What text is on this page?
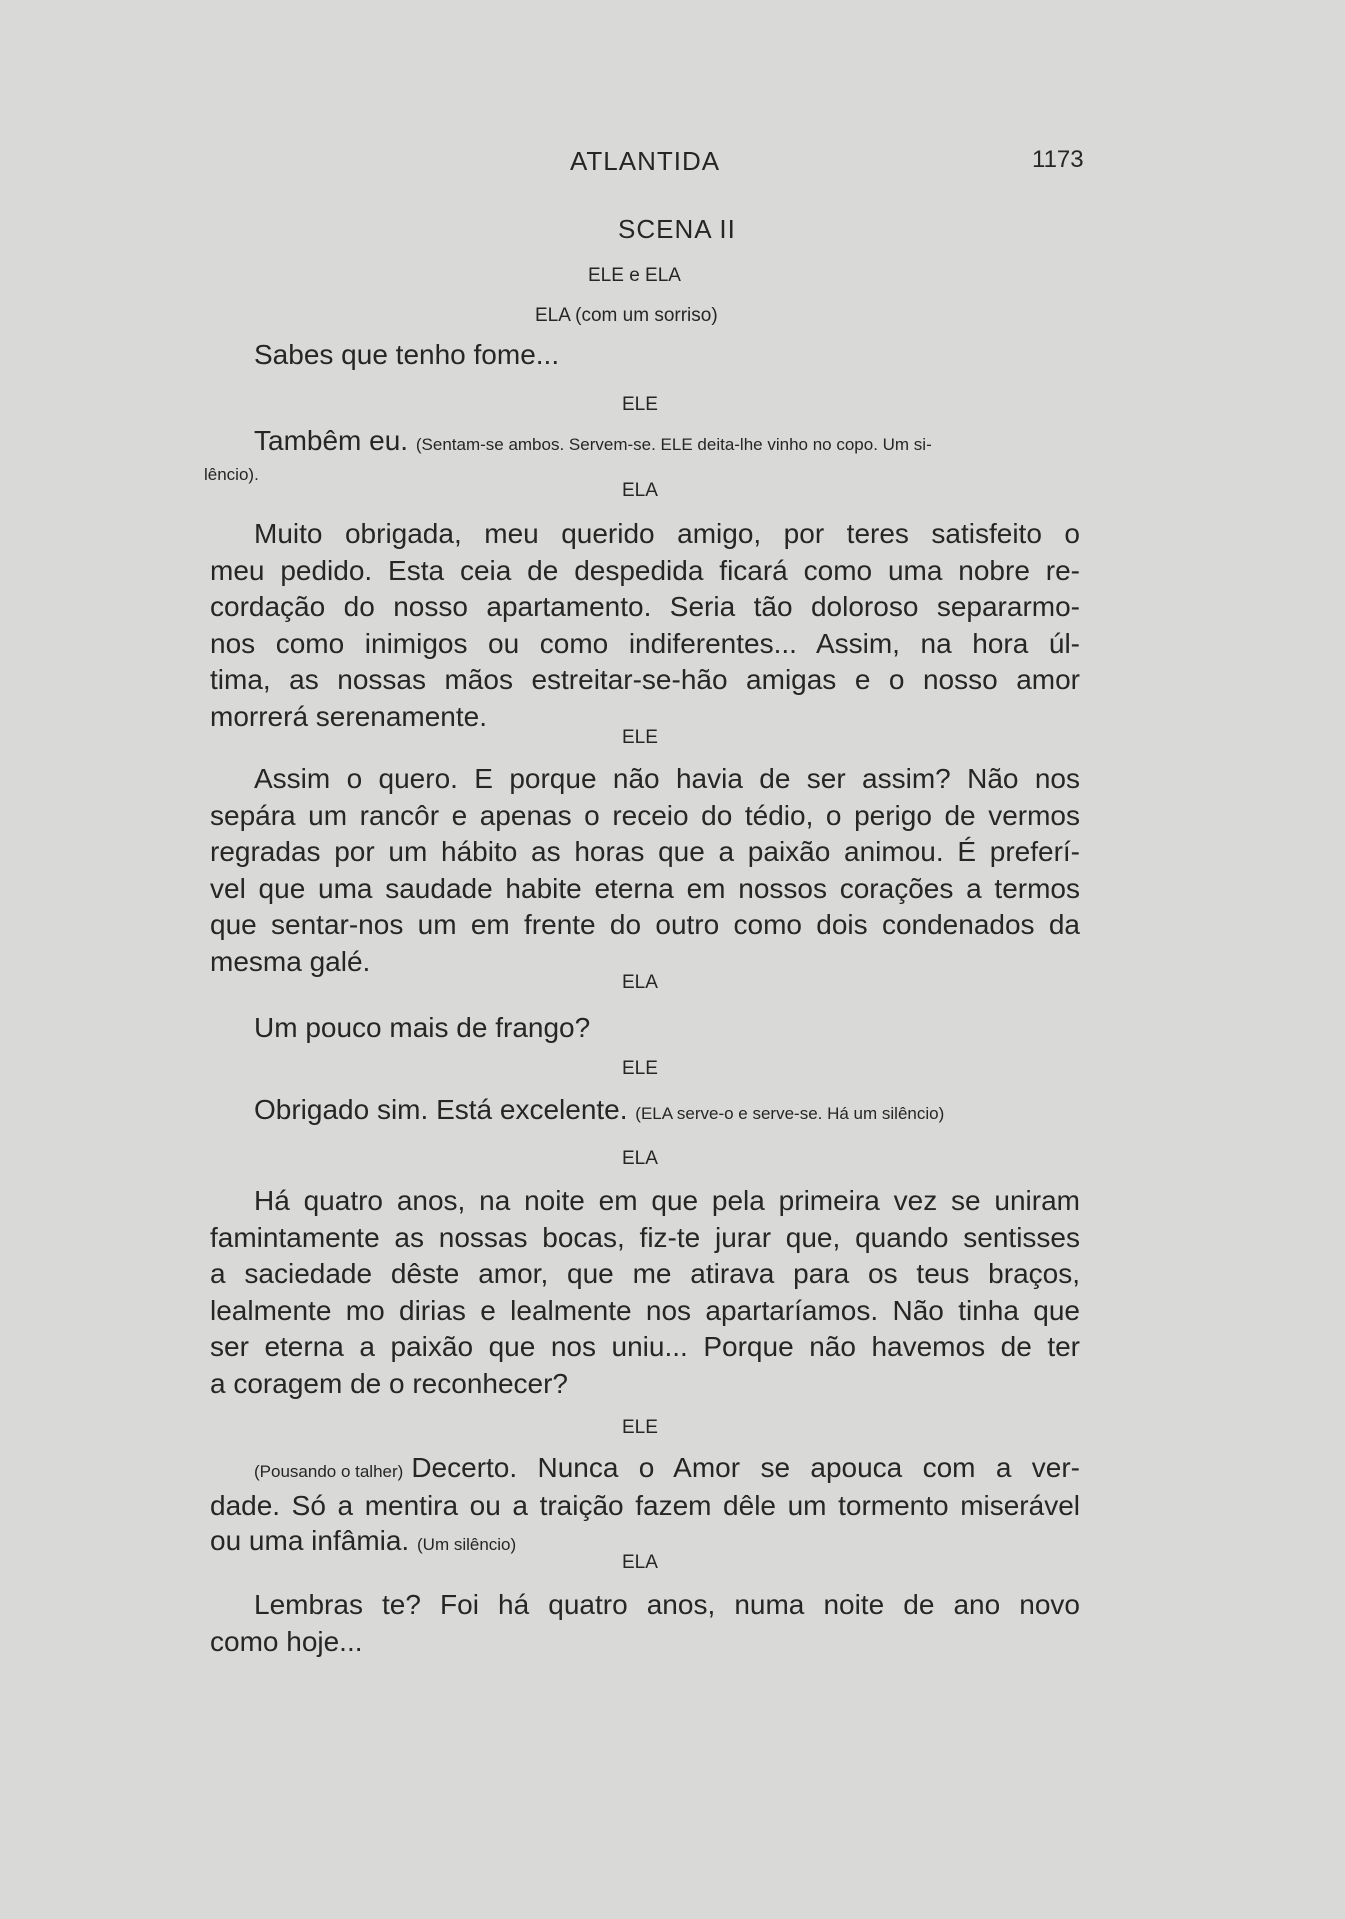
ATLANTIDA	1173
SCENA II
ELE e ELA
ELA (com um sorriso)
Sabes que tenho fome...
ELE
Tambêm eu. (Sentam-se ambos. Servem-se. ELE deita-lhe vinho no copo. Um si-
lêncio).
ELA
Muito obrigada, meu querido amigo, por teres satisfeito o
meu pedido. Esta ceia de despedida ficará como uma nobre re-
cordação do nosso apartamento. Seria tão doloroso separarmo-
nos como inimigos ou como indiferentes... Assim, na hora úl-
tima, as nossas mãos estreitar-se-hão amigas e o nosso amor
morrerá serenamente.
ELE
Assim o quero. E porque não havia de ser assim? Não nos
sepára um rancôr e apenas o receio do tédio, o perigo de vermos
regradas por um hábito as horas que a paixão animou. É preferí-
vel que uma saudade habite eterna em nossos corações a termos
que sentar-nos um em frente do outro como dois condenados da
mesma galé.
ELA
Um pouco mais de frango?
ELE
Obrigado sim. Está excelente. (ELA serve-o e serve-se. Há um silêncio)
ELA
Há quatro anos, na noite em que pela primeira vez se uniram
famintamente as nossas bocas, fiz-te jurar que, quando sentisses
a saciedade dêste amor, que me atirava para os teus braços,
lealmente mo dirias e lealmente nos apartaríamos. Não tinha que
ser eterna a paixão que nos uniu... Porque não havemos de ter
a coragem de o reconhecer?
ELE
(Pousando o talher) Decerto. Nunca o Amor se apouca com a ver-
dade. Só a mentira ou a traição fazem dêle um tormento miserável
ou uma infâmia. (Um silêncio)
ELA
Lembras te? Foi há quatro anos, numa noite de ano novo
como hoje...
